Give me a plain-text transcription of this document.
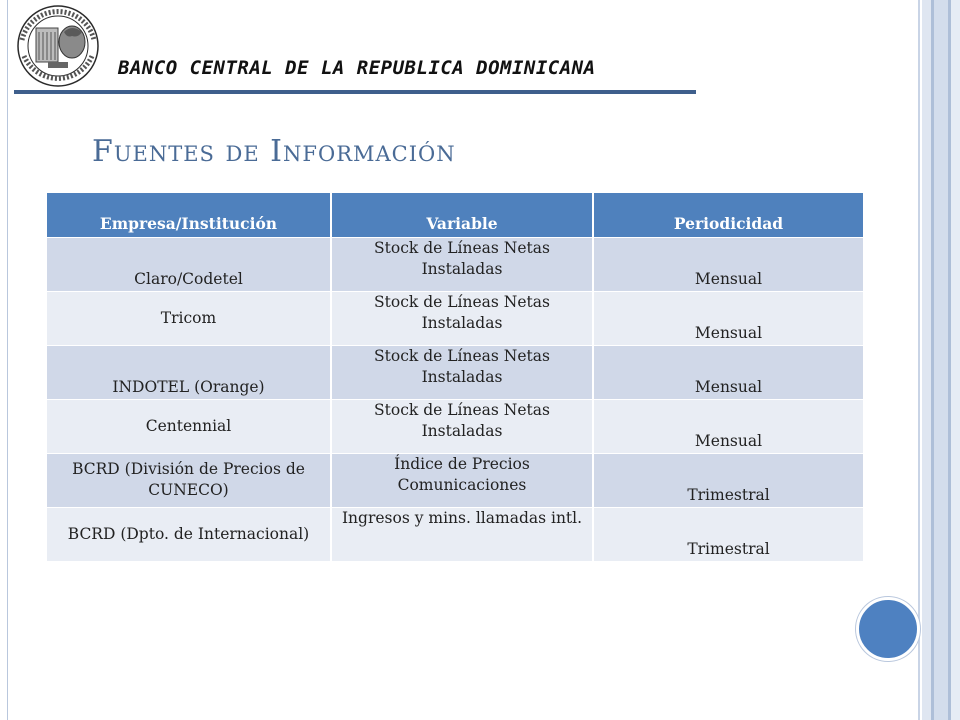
BANCO CENTRAL DE LA REPUBLICA DOMINICANA
Fuentes de Información
Empresa/Institución	Variable	Periodicidad
Claro/Codetel	Stock de Líneas Netas Instaladas	Mensual
Tricom	Stock de Líneas Netas Instaladas	Mensual
INDOTEL (Orange)	Stock de Líneas Netas Instaladas	Mensual
Centennial	Stock de Líneas Netas Instaladas	Mensual
BCRD (División de Precios de CUNECO)	Índice de Precios Comunicaciones	Trimestral
BCRD (Dpto. de Internacional)	Ingresos y mins. llamadas intl.	Trimestral
